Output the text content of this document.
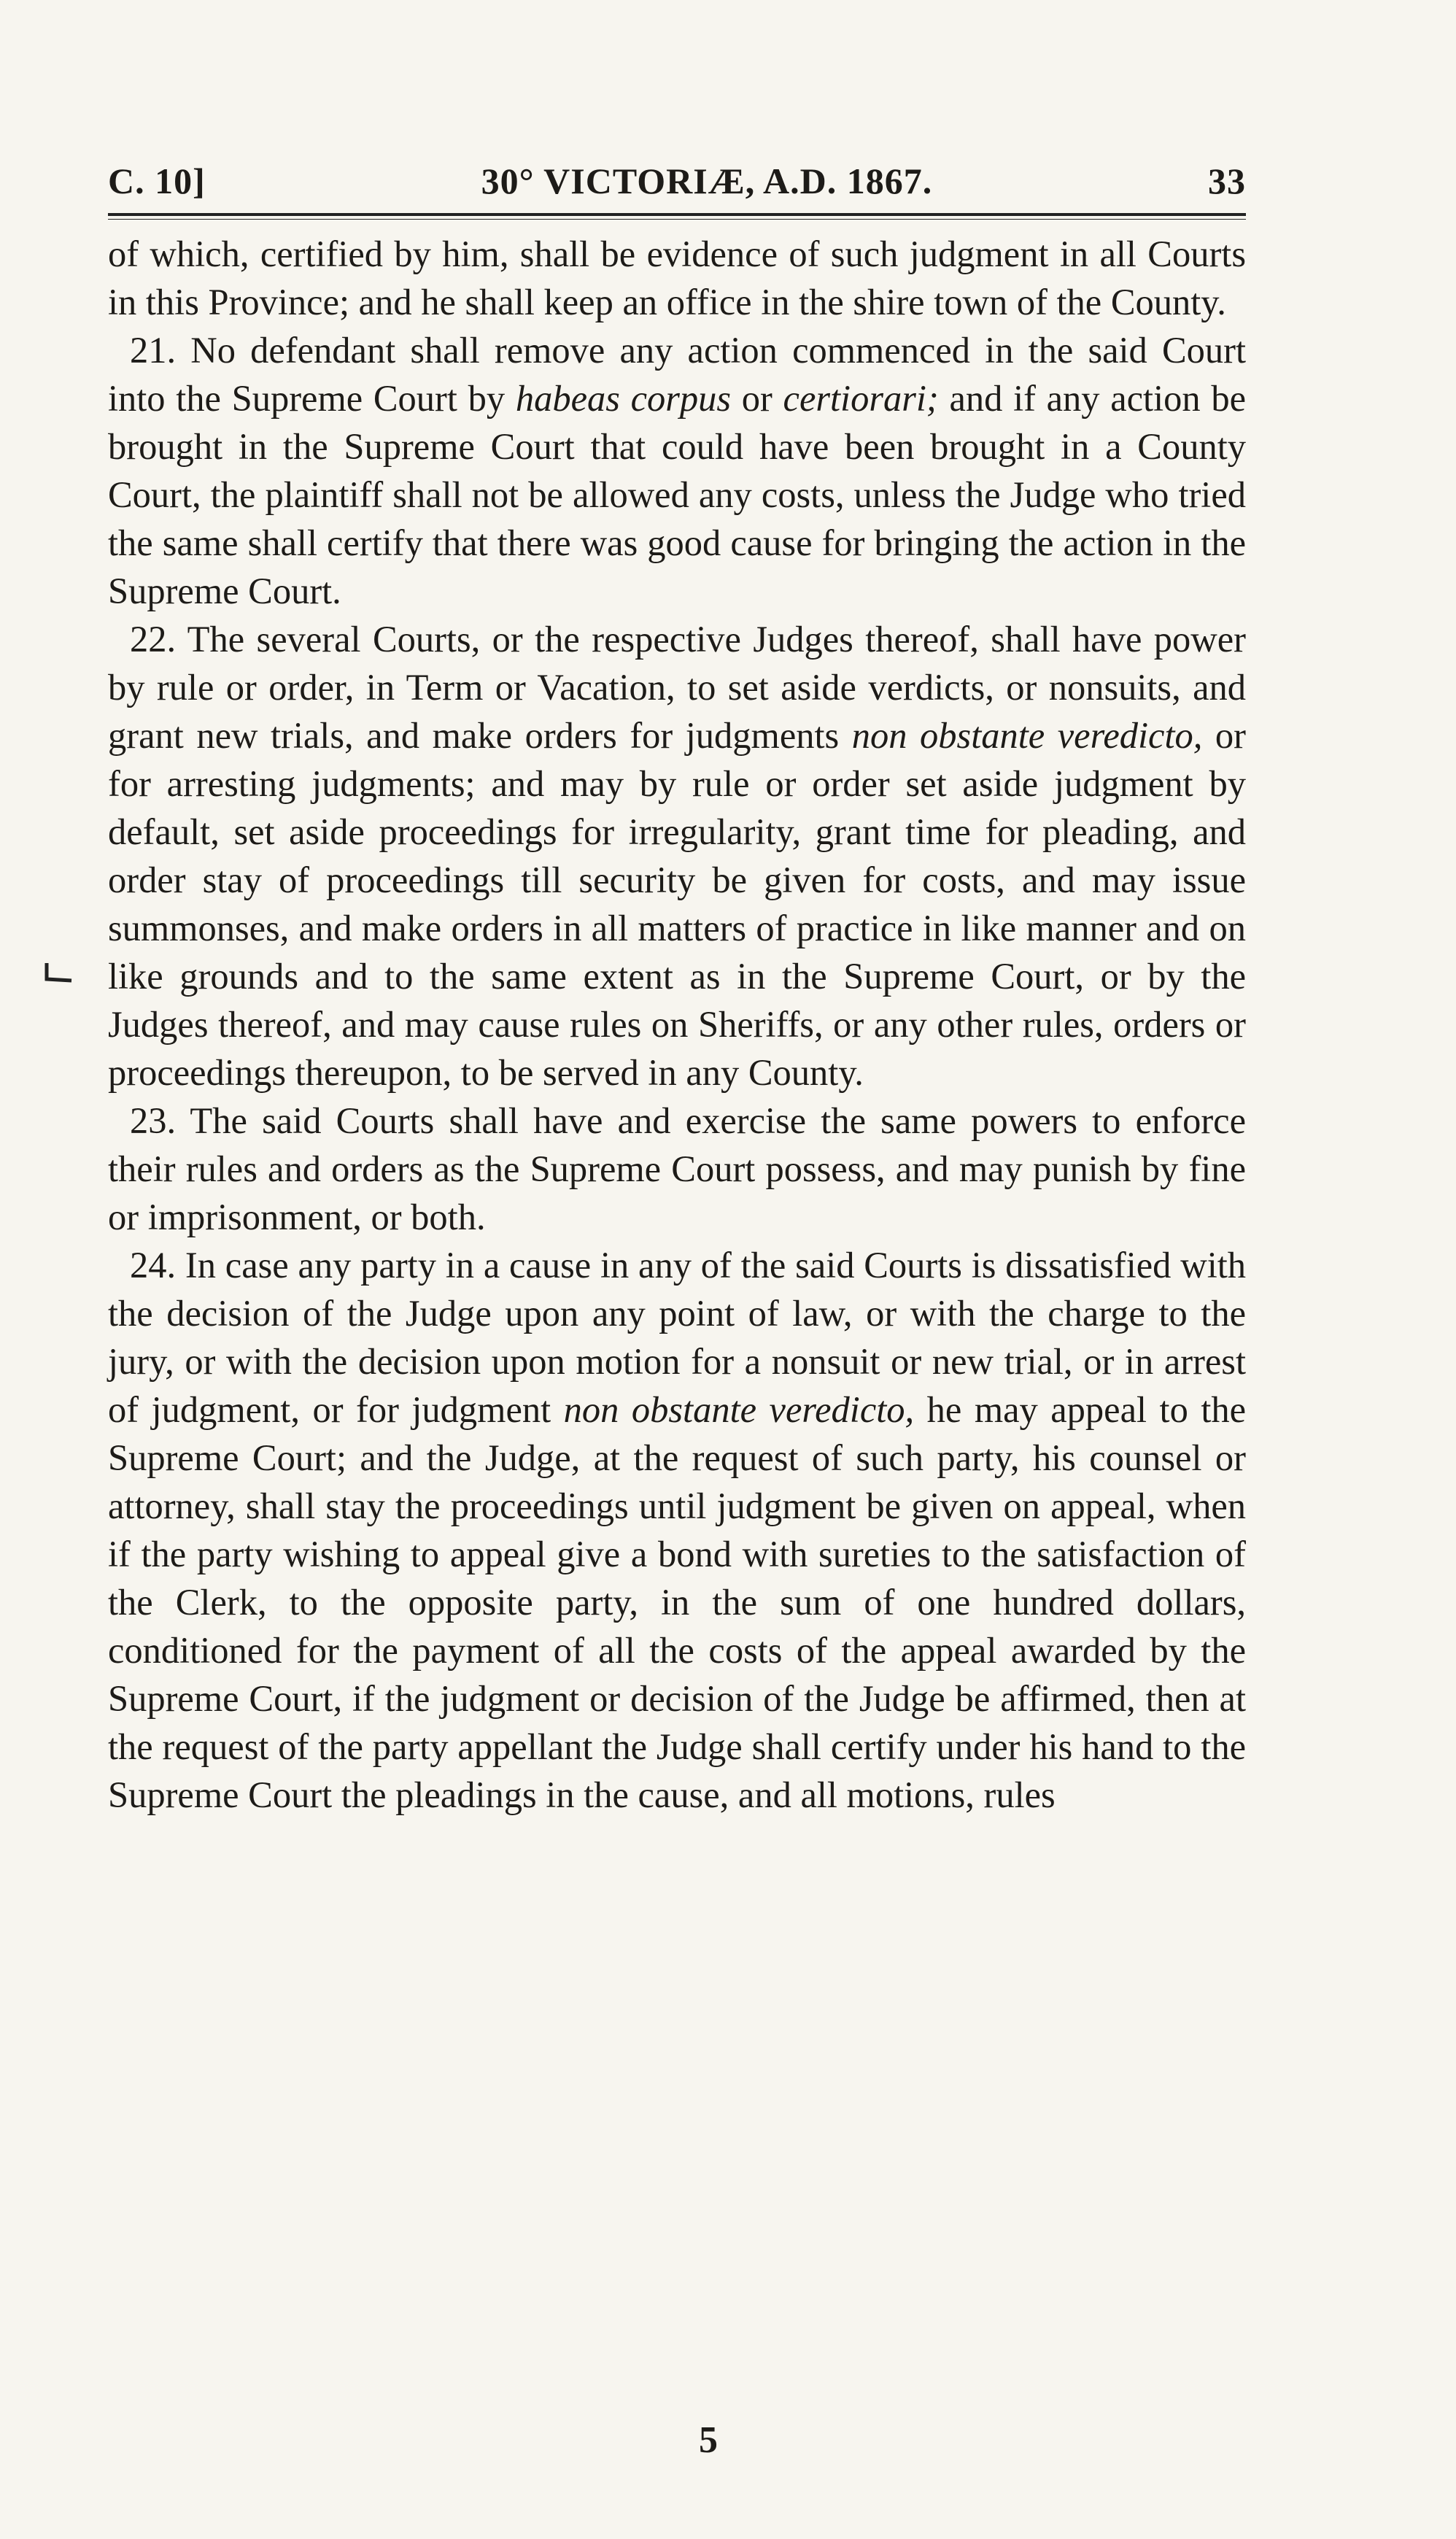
C. 10]	30° VICTORIÆ, A.D. 1867.	33

of which, certified by him, shall be evidence of such judgment in all Courts in this Province; and he shall keep an office in the shire town of the County.

21. No defendant shall remove any action commenced in the said Court into the Supreme Court by habeas corpus or certiorari; and if any action be brought in the Supreme Court that could have been brought in a County Court, the plaintiff shall not be allowed any costs, unless the Judge who tried the same shall certify that there was good cause for bringing the action in the Supreme Court.

22. The several Courts, or the respective Judges thereof, shall have power by rule or order, in Term or Vacation, to set aside verdicts, or nonsuits, and grant new trials, and make orders for judgments non obstante veredicto, or for arresting judgments; and may by rule or order set aside judgment by default, set aside proceedings for irregularity, grant time for pleading, and order stay of proceedings till security be given for costs, and may issue summonses, and make orders in all matters of practice in like manner and on like grounds and to the same extent as in the Supreme Court, or by the Judges thereof, and may cause rules on Sheriffs, or any other rules, orders or proceedings thereupon, to be served in any County.

23. The said Courts shall have and exercise the same powers to enforce their rules and orders as the Supreme Court possess, and may punish by fine or imprisonment, or both.

24. In case any party in a cause in any of the said Courts is dissatisfied with the decision of the Judge upon any point of law, or with the charge to the jury, or with the decision upon motion for a nonsuit or new trial, or in arrest of judgment, or for judgment non obstante veredicto, he may appeal to the Supreme Court; and the Judge, at the request of such party, his counsel or attorney, shall stay the proceedings until judgment be given on appeal, when if the party wishing to appeal give a bond with sureties to the satisfaction of the Clerk, to the opposite party, in the sum of one hundred dollars, conditioned for the payment of all the costs of the appeal awarded by the Supreme Court, if the judgment or decision of the Judge be affirmed, then at the request of the party appellant the Judge shall certify under his hand to the Supreme Court the pleadings in the cause, and all motions, rules

5
